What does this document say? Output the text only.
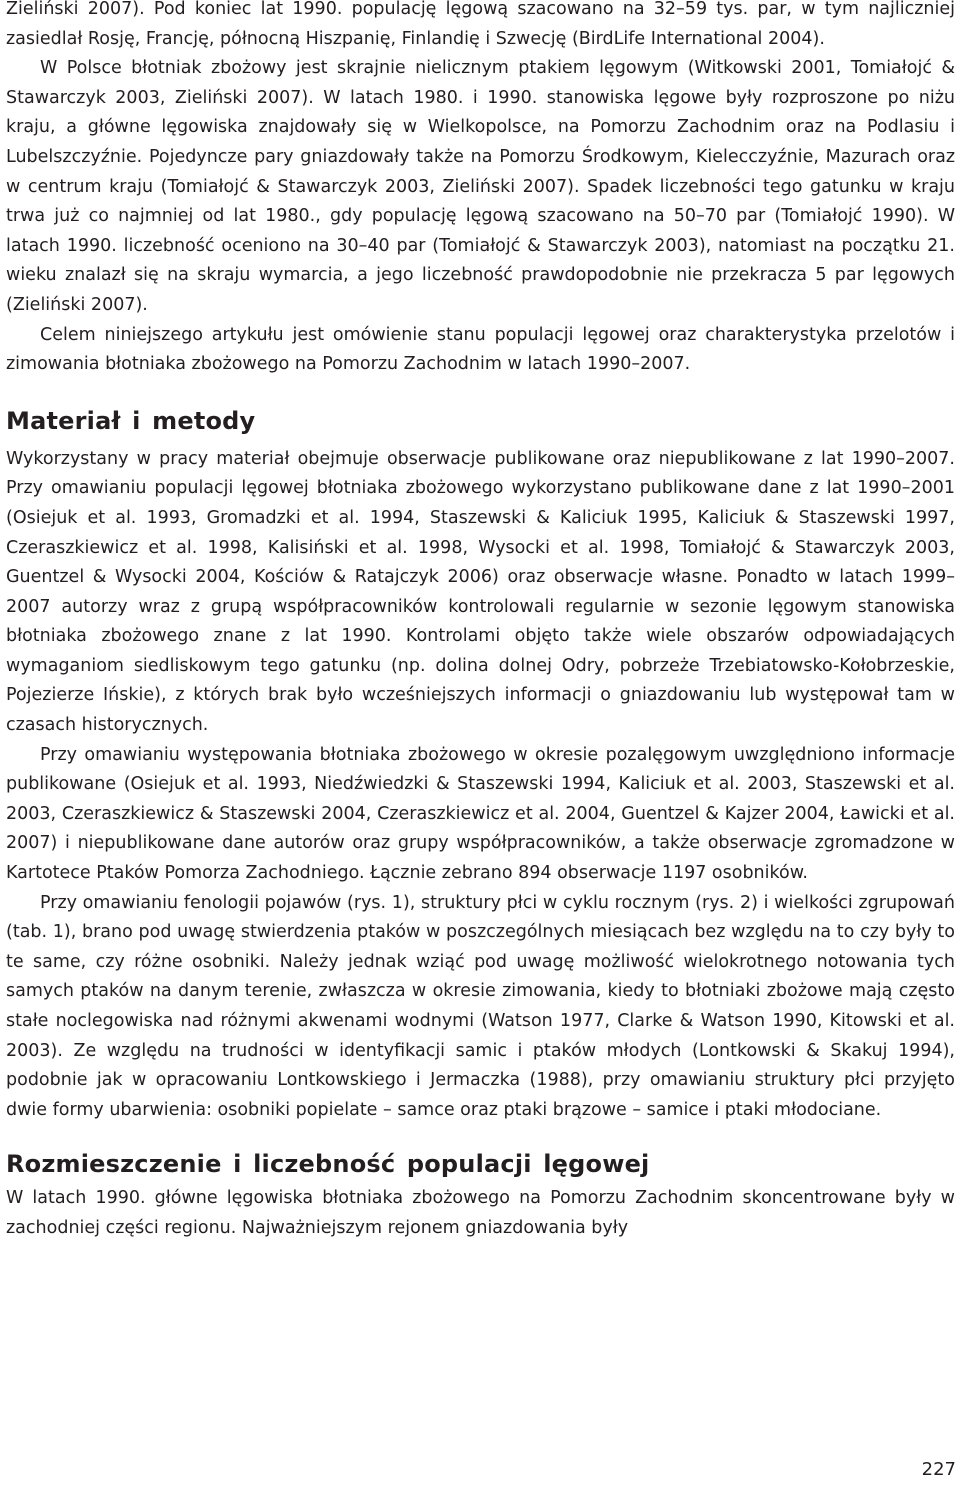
Zieliński 2007). Pod koniec lat 1990. populację lęgową szacowano na 32–59 tys. par, w tym najliczniej zasiedlał Rosję, Francję, północną Hiszpanię, Finlandię i Szwecję (BirdLife International 2004).

W Polsce błotniak zbożowy jest skrajnie nielicznym ptakiem lęgowym (Witkowski 2001, Tomiałojć & Stawarczyk 2003, Zieliński 2007). W latach 1980. i 1990. stanowiska lęgowe były rozproszone po niżu kraju, a główne lęgowiska znajdowały się w Wielkopolsce, na Pomorzu Zachodnim oraz na Podlasiu i Lubelszczyźnie. Pojedyncze pary gniazdowały także na Pomorzu Środkowym, Kielecczyźnie, Mazurach oraz w centrum kraju (Tomiałojć & Stawarczyk 2003, Zieliński 2007). Spadek liczebności tego gatunku w kraju trwa już co najmniej od lat 1980., gdy populację lęgową szacowano na 50–70 par (Tomiałojć 1990). W latach 1990. liczebność oceniono na 30–40 par (Tomiałojć & Stawarczyk 2003), natomiast na początku 21. wieku znalazł się na skraju wymarcia, a jego liczebność prawdopodobnie nie przekracza 5 par lęgowych (Zieliński 2007).

Celem niniejszego artykułu jest omówienie stanu populacji lęgowej oraz charakterystyka przelotów i zimowania błotniaka zbożowego na Pomorzu Zachodnim w latach 1990–2007.

Materiał i metody

Wykorzystany w pracy materiał obejmuje obserwacje publikowane oraz niepublikowane z lat 1990–2007. Przy omawianiu populacji lęgowej błotniaka zbożowego wykorzystano publikowane dane z lat 1990–2001 (Osiejuk et al. 1993, Gromadzki et al. 1994, Staszewski & Kaliciuk 1995, Kaliciuk & Staszewski 1997, Czeraszkiewicz et al. 1998, Kalisiński et al. 1998, Wysocki et al. 1998, Tomiałojć & Stawarczyk 2003, Guentzel & Wysocki 2004, Kościów & Ratajczyk 2006) oraz obserwacje własne. Ponadto w latach 1999–2007 autorzy wraz z grupą współpracowników kontrolowali regularnie w sezonie lęgowym stanowiska błotniaka zbożowego znane z lat 1990. Kontrolami objęto także wiele obszarów odpowiadających wymaganiom siedliskowym tego gatunku (np. dolina dolnej Odry, pobrzeże Trzebiatowsko-Kołobrzeskie, Pojezierze Ińskie), z których brak było wcześniejszych informacji o gniazdowaniu lub występował tam w czasach historycznych.

Przy omawianiu występowania błotniaka zbożowego w okresie pozalęgowym uwzględniono informacje publikowane (Osiejuk et al. 1993, Niedźwiedzki & Staszewski 1994, Kaliciuk et al. 2003, Staszewski et al. 2003, Czeraszkiewicz & Staszewski 2004, Czeraszkiewicz et al. 2004, Guentzel & Kajzer 2004, Ławicki et al. 2007) i niepublikowane dane autorów oraz grupy współpracowników, a także obserwacje zgromadzone w Kartotece Ptaków Pomorza Zachodniego. Łącznie zebrano 894 obserwacje 1197 osobników.

Przy omawianiu fenologii pojawów (rys. 1), struktury płci w cyklu rocznym (rys. 2) i wielkości zgrupowań (tab. 1), brano pod uwagę stwierdzenia ptaków w poszczególnych miesiącach bez względu na to czy były to te same, czy różne osobniki. Należy jednak wziąć pod uwagę możliwość wielokrotnego notowania tych samych ptaków na danym terenie, zwłaszcza w okresie zimowania, kiedy to błotniaki zbożowe mają często stałe noclegowiska nad różnymi akwenami wodnymi (Watson 1977, Clarke & Watson 1990, Kitowski et al. 2003). Ze względu na trudności w identyfikacji samic i ptaków młodych (Lontkowski & Skakuj 1994), podobnie jak w opracowaniu Lontkowskiego i Jermaczka (1988), przy omawianiu struktury płci przyjęto dwie formy ubarwienia: osobniki popielate – samce oraz ptaki brązowe – samice i ptaki młodociane.

Rozmieszczenie i liczebność populacji lęgowej

W latach 1990. główne lęgowiska błotniaka zbożowego na Pomorzu Zachodnim skoncentrowane były w zachodniej części regionu. Najważniejszym rejonem gniazdowania były

227
